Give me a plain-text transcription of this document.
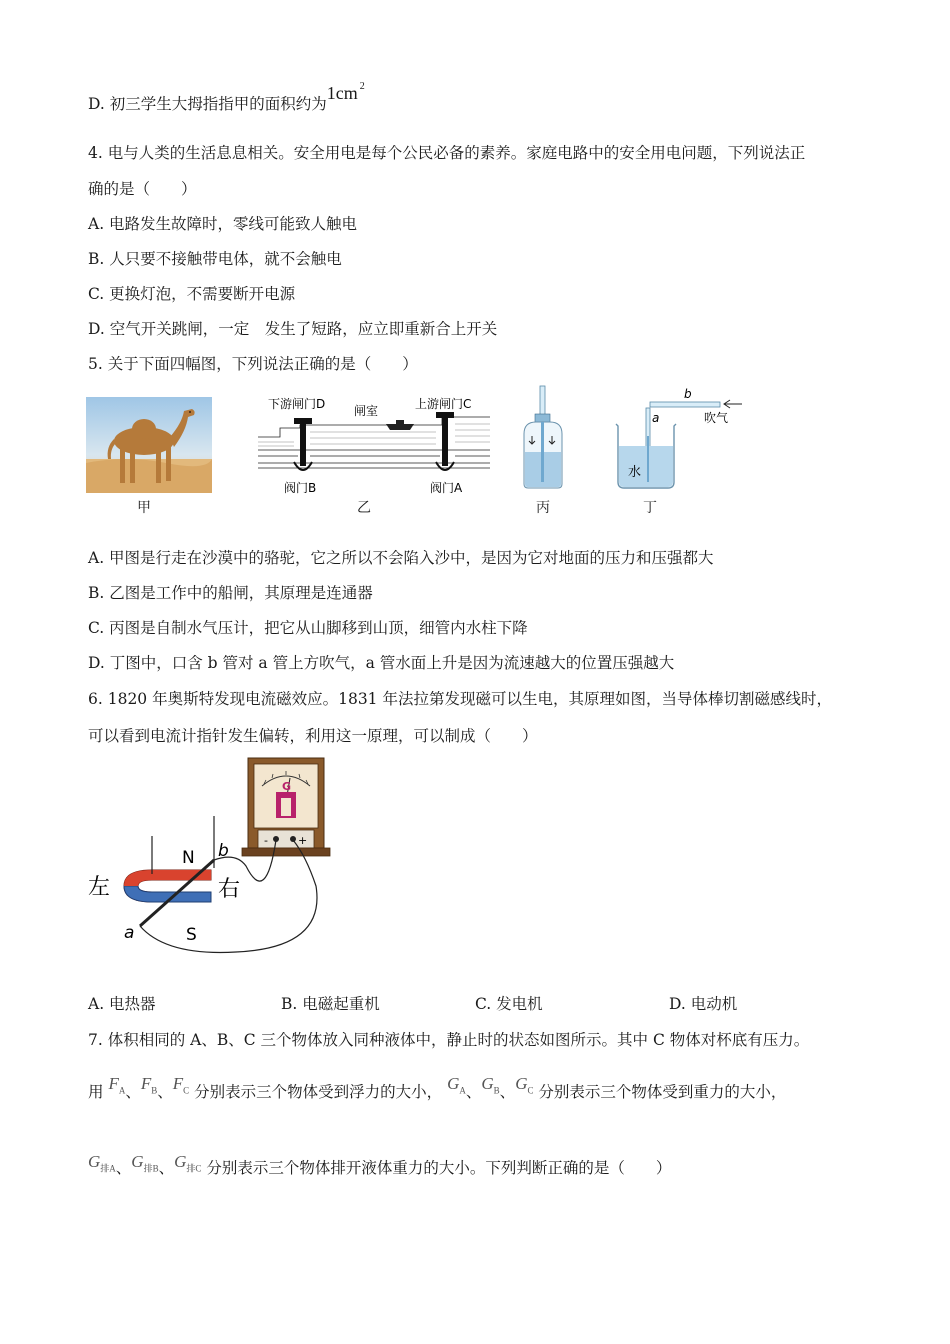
D. 初三学生大拇指指甲的面积约为1cm $^2$
4. 电与人类的生活息息相关。安全用电是每个公民必备的素养。家庭电路中的安全用电问题，下列说法正
确的是（　　）
A. 电路发生故障时，零线可能致人触电
B. 人只要不接触带电体，就不会触电
C. 更换灯泡，不需要断开电源
D. 空气开关跳闸，一定　发生了短路，应立即重新合上开关
5. 关于下面四幅图，下列说法正确的是（　　）
甲
下游闸门D 闸室	上游闸门C
阀门B	阀门A
乙	丙
b
吹气
a
水
丁
A. 甲图是行走在沙漠中的骆驼，它之所以不会陷入沙中，是因为它对地面的压力和压强都大
B. 乙图是工作中的船闸，其原理是连通器
C. 丙图是自制水气压计，把它从山脚移到山顶，细管内水柱下降
D. 丁图中，口含 b 管对 a 管上方吹气，a 管水面上升是因为流速越大的位置压强越大
6. 1820 年奥斯特发现电流磁效应。1831 年法拉第发现磁可以生电，其原理如图，当导体棒切割磁感线时，
可以看到电流计指针发生偏转，利用这一原理，可以制成（　　）
G
-	+
左	右
N
S
a
b
A. 电热器	B. 电磁起重机	C. 发电机	D. 电动机
7. 体积相同的 A、B、C 三个物体放入同种液体中，静止时的状态如图所示。其中 C 物体对杯底有压力。
用 $F_A$、$F_B$、$F_C$ 分别表示三个物体受到浮力的大小， $G_A$、$G_B$、$G_C$ 分别表示三个物体受到重力的大小，
$G_{排A}$、$G_{排B}$、$G_{排C}$ 分别表示三个物体排开液体重力的大小。下列判断正确的是（　　）
